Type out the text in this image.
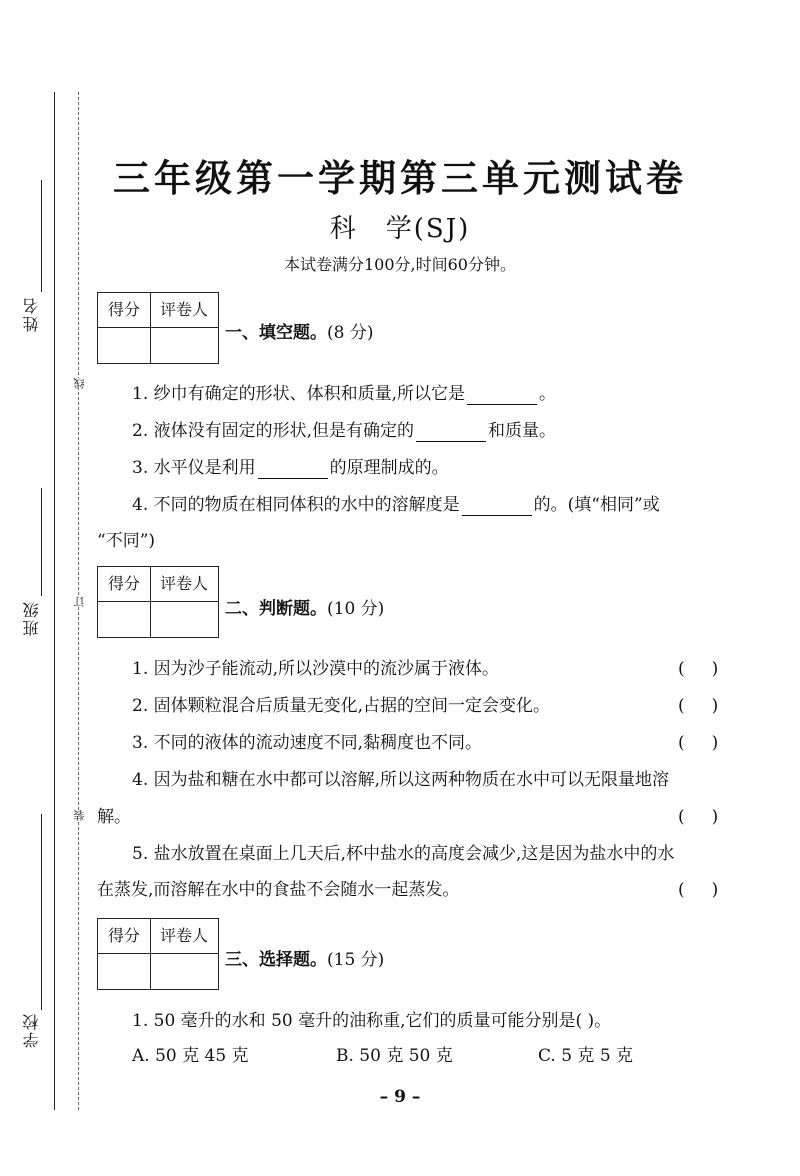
姓名
班级
学校
线
订
装
三年级第一学期第三单元测试卷
科 学(SJ)
本试卷满分100分,时间60分钟。
得分	评卷人
一、填空题。(8 分)
1. 纱巾有确定的形状、体积和质量,所以它是	。
2. 液体没有固定的形状,但是有确定的	和质量。
3. 水平仪是利用	的原理制成的。
4. 不同的物质在相同体积的水中的溶解度是	的。(填“相同”或
“不同”)
得分	评卷人
二、判断题。(10 分)
1. 因为沙子能流动,所以沙漠中的流沙属于液体。	(     )
2. 固体颗粒混合后质量无变化,占据的空间一定会变化。	(     )
3. 不同的液体的流动速度不同,黏稠度也不同。	(     )
4. 因为盐和糖在水中都可以溶解,所以这两种物质在水中可以无限量地溶
解。	(     )
5. 盐水放置在桌面上几天后,杯中盐水的高度会减少,这是因为盐水中的水
在蒸发,而溶解在水中的食盐不会随水一起蒸发。	(     )
得分	评卷人
三、选择题。(15 分)
1. 50 毫升的水和 50 毫升的油称重,它们的质量可能分别是( )。
A. 50 克 45 克	B. 50 克 50 克	C. 5 克 5 克
– 9 –
